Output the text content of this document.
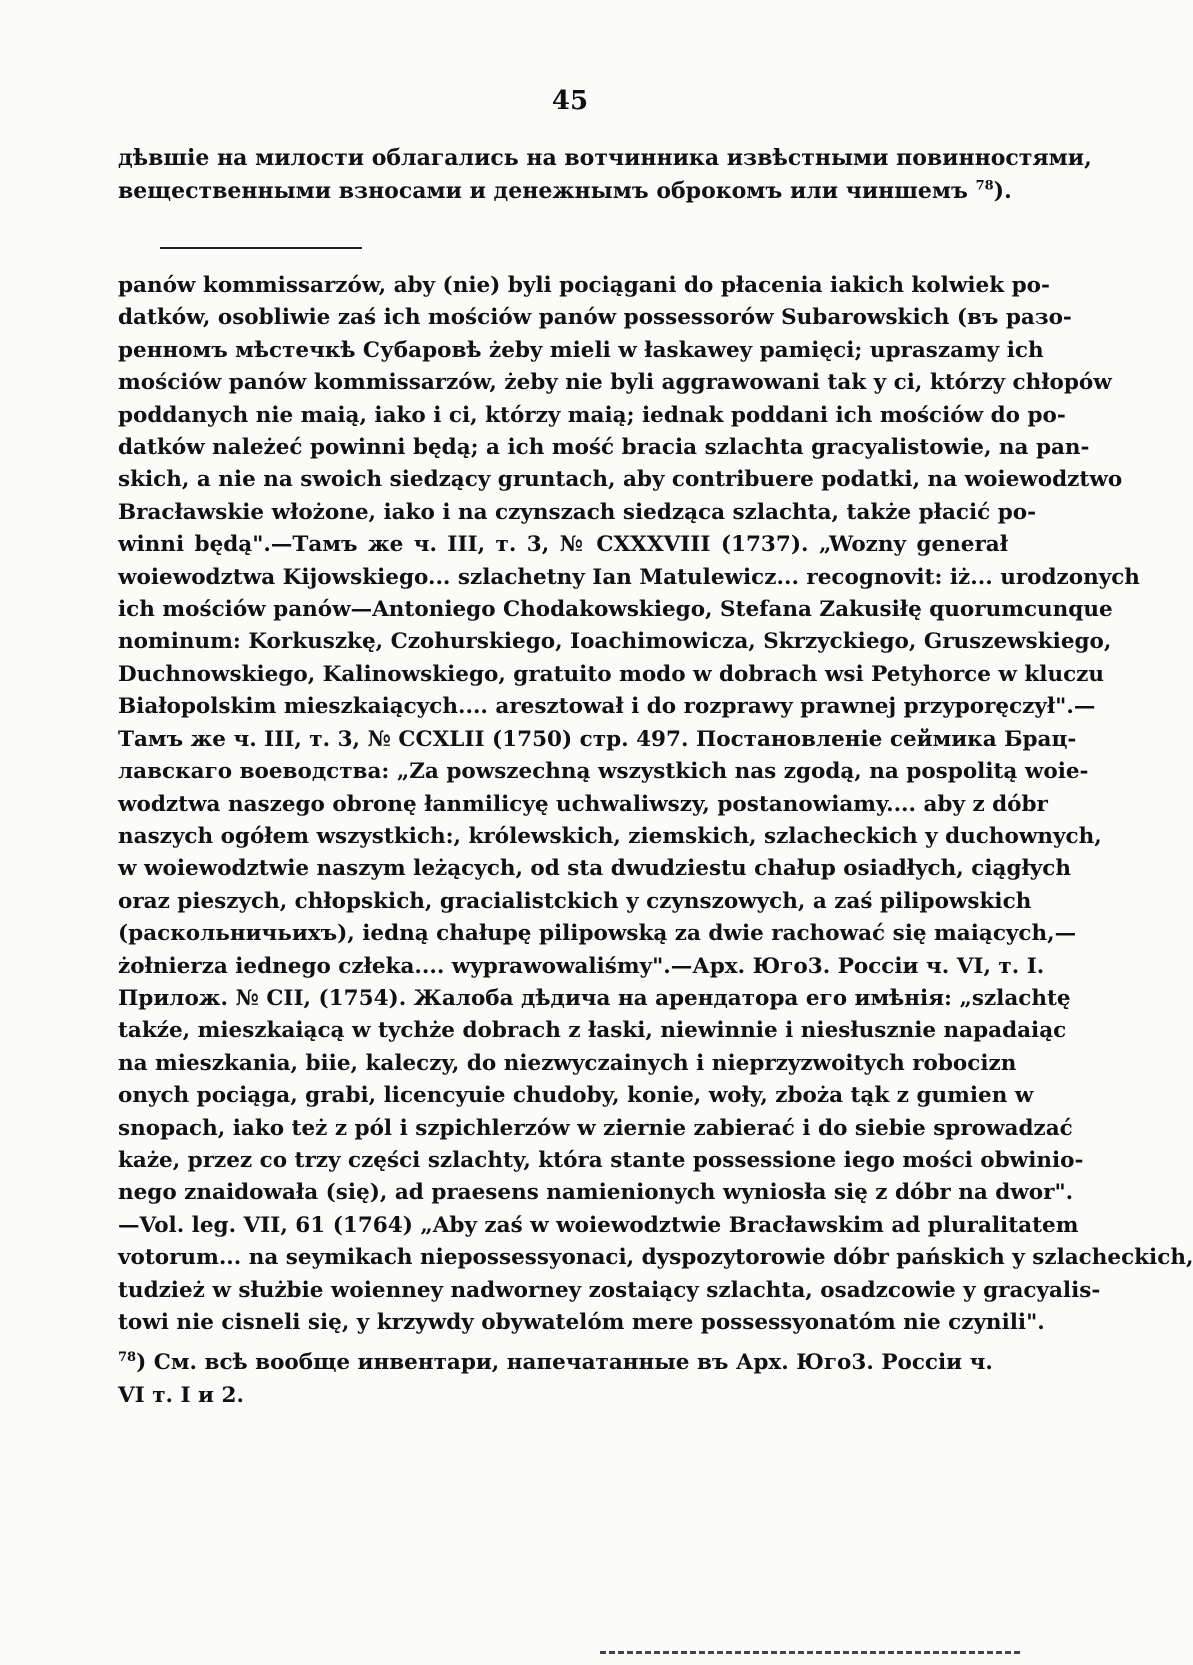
45
дѣвшіе на милости облагались на вотчинника извѣстными повинностями,
вещественными взносами и денежнымъ оброкомъ или чиншемъ $^{78}$).
panów kommissarzów, aby (nie) byli pociągani do płacenia iakich kolwiek po-
datków, osobliwie zaś ich mościów panów possessorów Subarowskich (въ разо-
ренномъ мѣстечкѣ Субаровѣ żeby mieli w łaskawey pamięci; upraszamy ich
mościów panów kommissarzów, żeby nie byli aggrawowani tak y ci, którzy chłopów
poddanych nie maią, iako i ci, którzy maią; iednak poddani ich mościów do po-
datków należeć powinni będą; a ich mość bracia szlachta gracyalistowie, na pan-
skich, a nie na swoich siedzący gruntach, aby contribuere podatki, na woiewodztwo
Bracławskie włożone, iako i na czynszach siedząca szlachta, także płacić po-
winni będą".—Тамъ же ч. III, т. 3, № CXXXVIII (1737). „Wozny generał
woiewodztwa Kijowskiego... szlachetny Ian Matulewicz... recognovit: iż... urodzonych
ich mościów panów—Antoniego Chodakowskiego, Stefana Zakusiłę quorumcunque
nominum: Korkuszkę, Czohurskiego, Ioachimowicza, Skrzyckiego, Gruszewskiego,
Duchnowskiego, Kalinowskiego, gratuito modo w dobrach wsi Petyhorce w kluczu
Białopolskim mieszkaiących.... aresztował i do rozprawy prawnej przyporęczył".—
Тамъ же ч. III, т. 3, № CCXLII (1750) стр. 497. Постановленіе сеймика Брац-
лавскаго воеводства: „Za powszechną wszystkich nas zgodą, na pospolitą woie-
wodztwa naszego obronę łanmilicyę uchwaliwszy, postanowiamy.... aby z dóbr
naszych ogółem wszystkich:, królewskich, ziemskich, szlacheckich y duchownych,
w woiewodztwie naszym leżących, od sta dwudziestu chałup osiadłych, ciągłych
oraz pieszych, chłopskich, gracialistckich y czynszowych, a zaś pilipowskich
(раскольничьихъ), iedną chałupę pilipowską za dwie rachować się maiących,—
żołnierza iednego człeka.... wyprawowaliśmy".—Арх. Юго3. Россіи ч. VI, т. I.
Прилож. № CII, (1754). Жалоба дѣдича на арендатора его имѣнія: „szlachtę
takźe, mieszkaiącą w tychże dobrach z łaski, niewinnie i niesłusznie napadaiąc
na mieszkania, biie, kaleczy, do niezwyczainych i nieprzyzwoitych robocizn
onych pociąga, grabi, licencyuie chudoby, konie, woły, zboża tąk z gumien w
snopach, iako też z pól i szpichlerzów w ziernie zabierać i do siebie sprowadzać
każe, przez co trzy części szlachty, która stante possessione iego mości obwinio-
nego znaidowała (się), ad praesens namienionych wyniosła się z dóbr na dwor".
—Vol. leg. VII, 61 (1764) „Aby zaś w woiewodztwie Bracławskim ad pluralitatem
votorum... na seymikach niepossessyonaci, dyspozytorowie dóbr pańskich y szlacheckich,
tudzież w służbie woienney nadworney zostaiący szlachta, osadzcowie y gracyalis-
towi nie cisneli się, y krzywdy obywatelóm mere possessyonatóm nie czynili".
$^{78}$) См. всѣ вообще инвентари, напечатанные въ Арх. Юго3. Россіи ч.
VI т. I и 2.
